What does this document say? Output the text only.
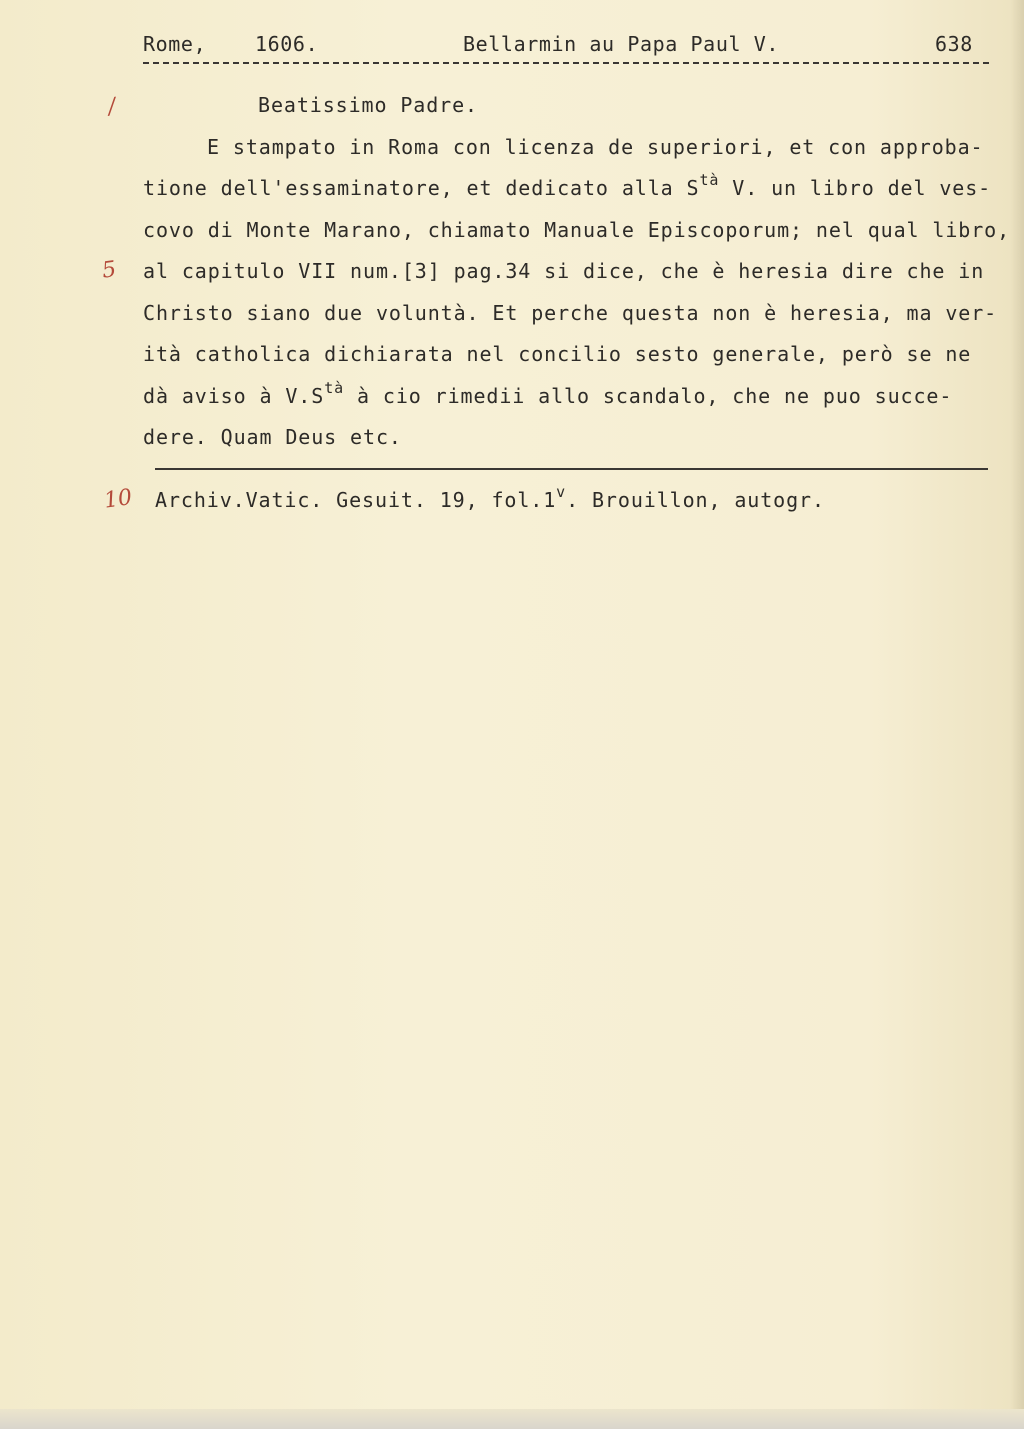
Rome, 1606.	Bellarmin au Papa Paul V.	638
/
5
10
Beatissimo Padre.
E stampato in Roma con licenza de superiori, et con approba-
tione dell'essaminatore, et dedicato alla $S^{tà}$ V. un libro del ves-
covo di Monte Marano, chiamato Manuale Episcoporum; nel qual libro,
al capitulo VII num.[3] pag.34 si dice, che è heresia dire che in
Christo siano due voluntà. Et perche questa non è heresia, ma ver-
ità catholica dichiarata nel concilio sesto generale, però se ne
dà aviso à $V.S^{tà}$ à cio rimedii allo scandalo, che ne puo succe-
dere. Quam Deus etc.
Archiv.Vatic. Gesuit. 19, fol.1$^v$. Brouillon, autogr.
